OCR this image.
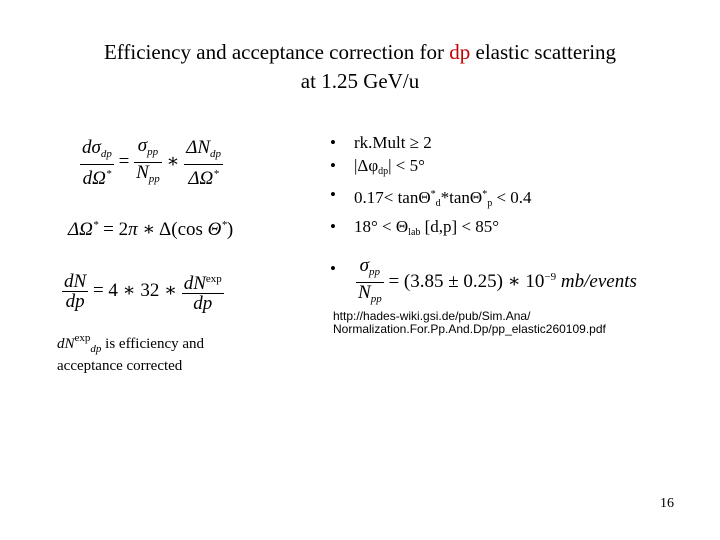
Efficiency and acceptance correction for dp elastic scattering
at 1.25 GeV/u
$\frac{d\sigma_{dp}}{d\Omega^*} = \frac{\sigma_{pp}}{N_{pp}}$ ∗ $\frac{\Delta N_{dp}}{\Delta\Omega^*}$
ΔΩ* = 2π ∗ Δ(cos Θ*)
$\frac{dN}{dp} = 4$ ∗ 32 ∗ $\frac{dN^{exp}}{dp}$
• rk.Mult ≥ 2
• |Δφdp| < 5°
• 0.17< tanΘ*d*tanΘ*p < 0.4
• 18° < Θlab [d,p] < 85°
• $\frac{\sigma_{pp}}{N_{pp}} = (3.85 \pm 0.25)$ ∗ $10^{-9}$ mb/events
http://hades-wiki.gsi.de/pub/Sim.Ana/
Normalization.For.Pp.And.Dp/pp_elastic260109.pdf
$dN^{exp}_{dp}$ is efficiency and
acceptance corrected
16
